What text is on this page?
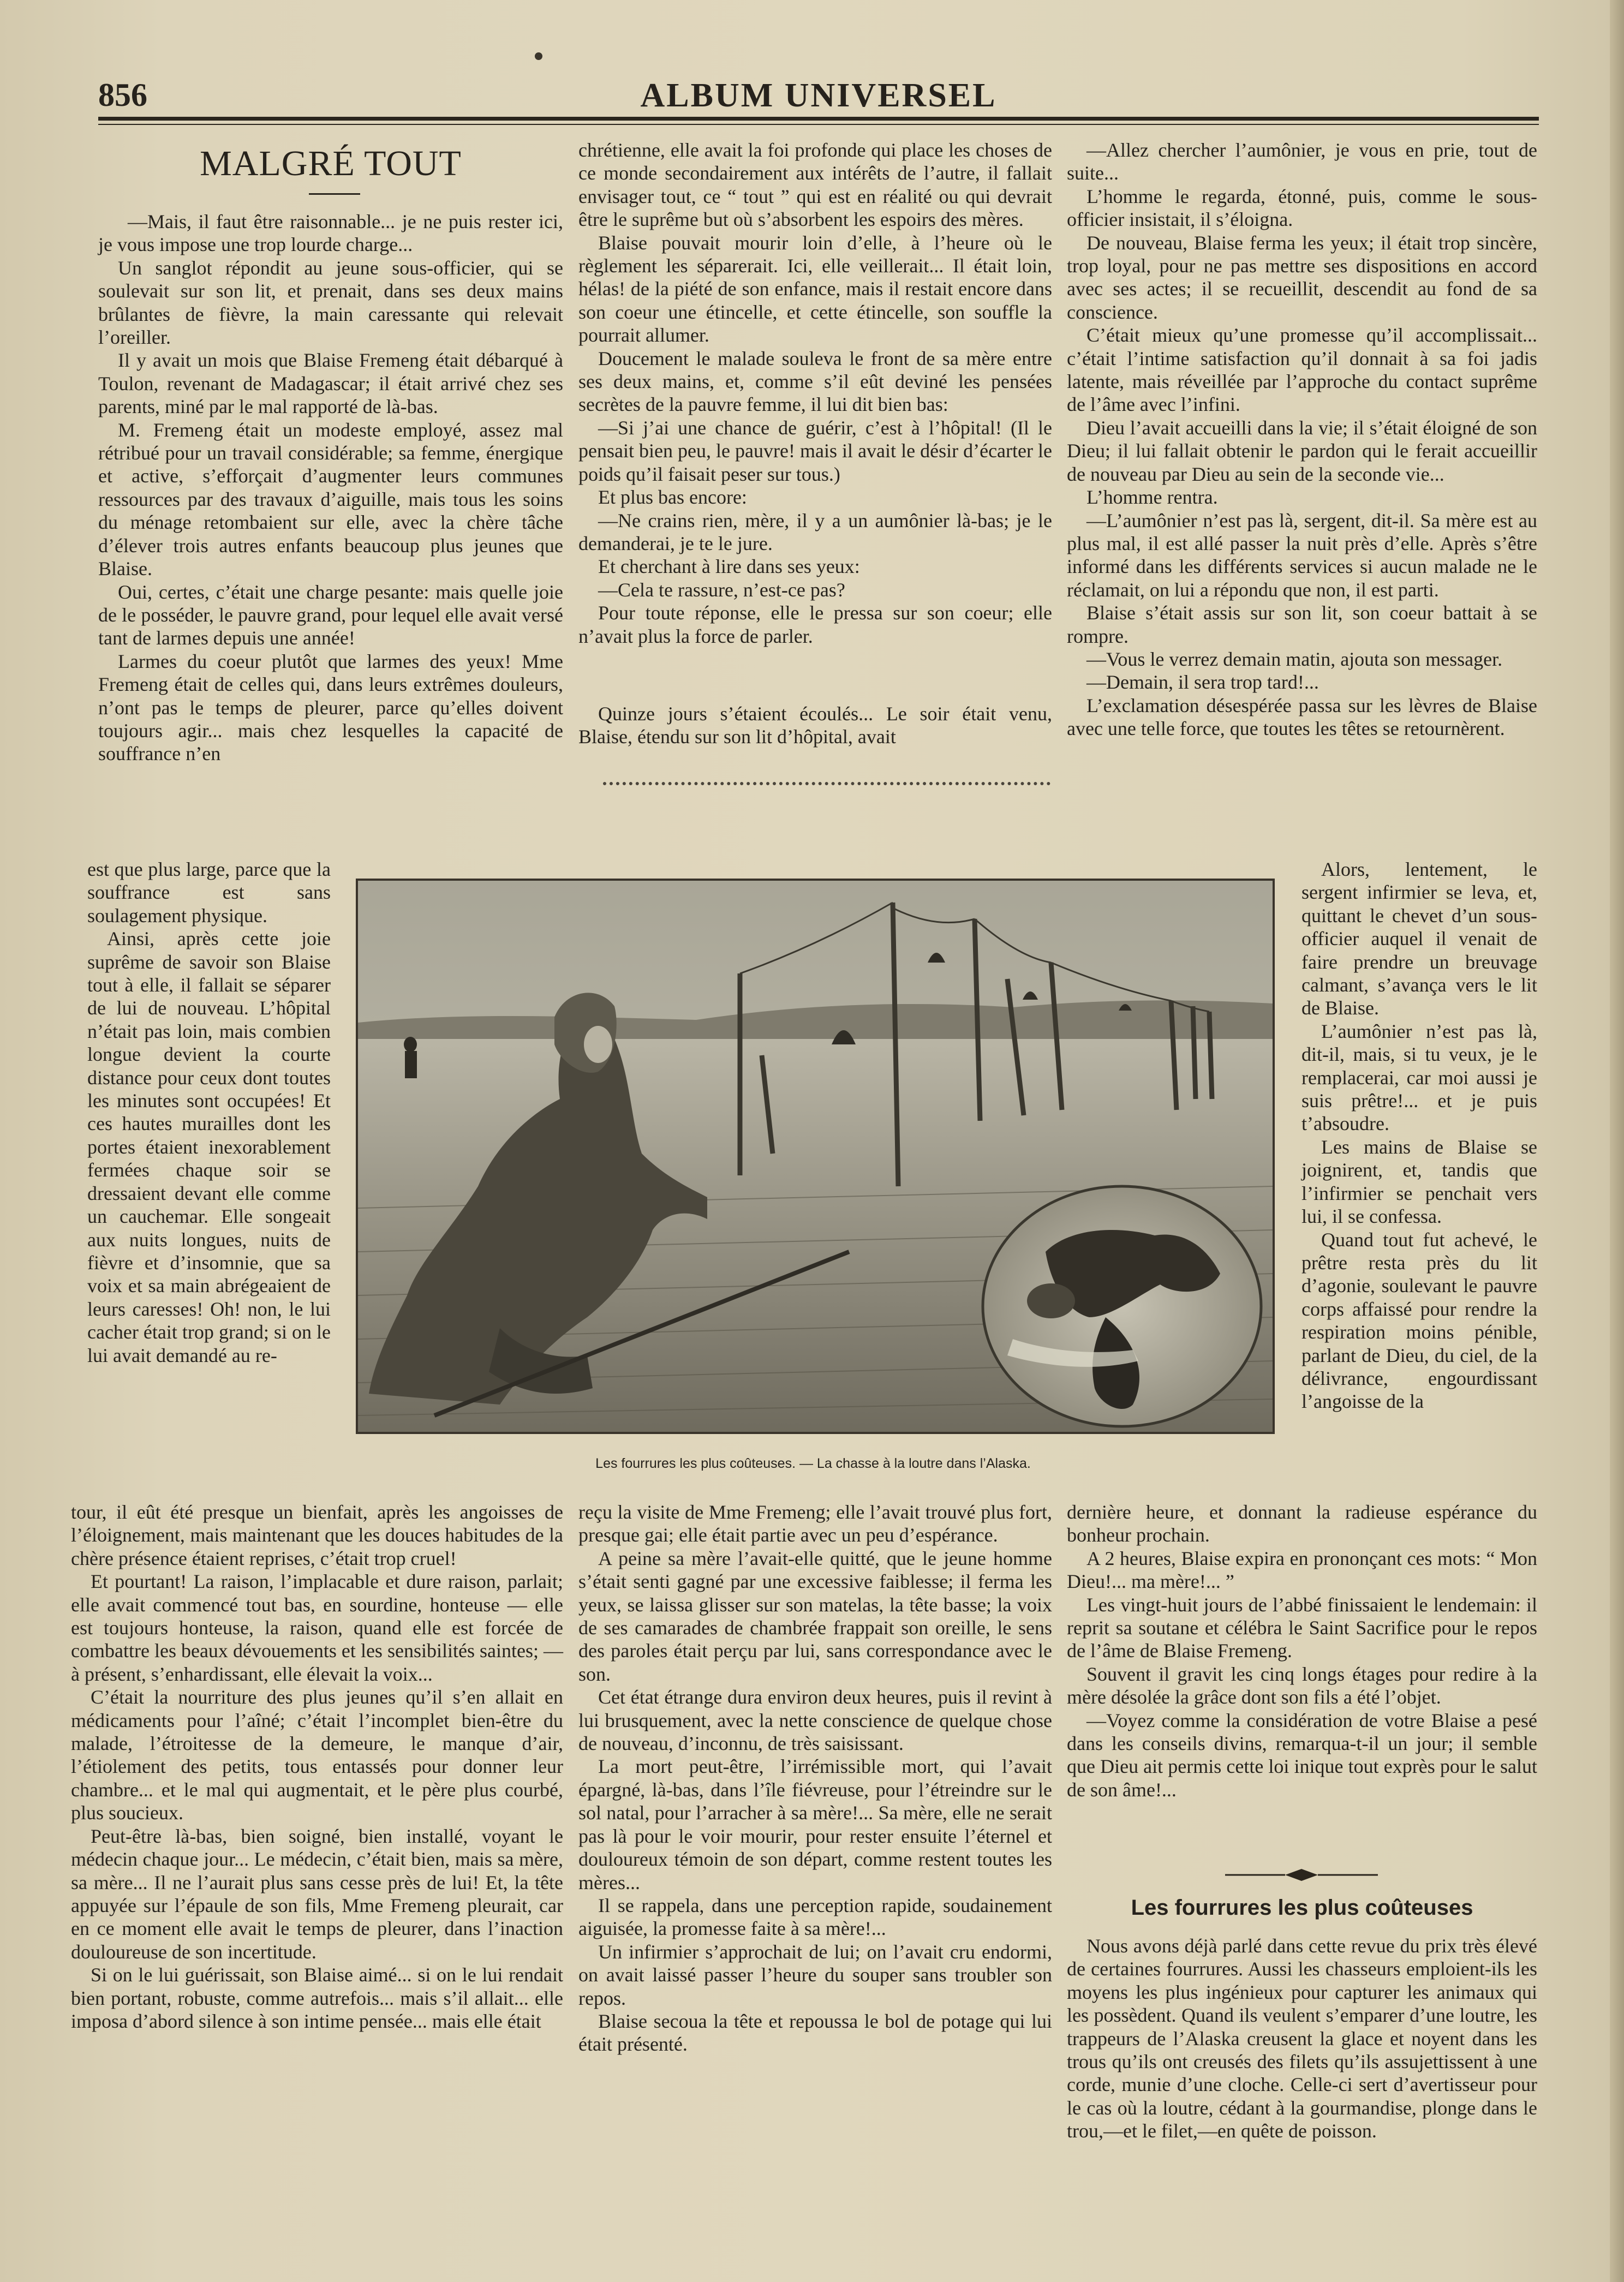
856	ALBUM UNIVERSEL
MALGRÉ TOUT

—Mais, il faut être raisonnable... je ne puis rester ici, je vous impose une trop lourde charge...

Un sanglot répondit au jeune sous-officier, qui se soulevait sur son lit, et prenait, dans ses deux mains brûlantes de fièvre, la main caressante qui relevait l’oreiller.

Il y avait un mois que Blaise Fremeng était débarqué à Toulon, revenant de Madagascar; il était arrivé chez ses parents, miné par le mal rapporté de là-bas.

M. Fremeng était un modeste employé, assez mal rétribué pour un travail considérable; sa femme, énergique et active, s’efforçait d’augmenter leurs communes ressources par des travaux d’aiguille, mais tous les soins du ménage retombaient sur elle, avec la chère tâche d’élever trois autres enfants beaucoup plus jeunes que Blaise.

Oui, certes, c’était une charge pesante: mais quelle joie de le posséder, le pauvre grand, pour lequel elle avait versé tant de larmes depuis une année!

Larmes du coeur plutôt que larmes des yeux! Mme Fremeng était de celles qui, dans leurs extrêmes douleurs, n’ont pas le temps de pleurer, parce qu’elles doivent toujours agir... mais chez lesquelles la capacité de souffrance n’en

est que plus large, parce que la souffrance est sans soulagement physique.

Ainsi, après cette joie suprême de savoir son Blaise tout à elle, il fallait se séparer de lui de nouveau. L’hôpital n’était pas loin, mais combien longue devient la courte distance pour ceux dont toutes les minutes sont occupées! Et ces hautes murailles dont les portes étaient inexorablement fermées chaque soir se dressaient devant elle comme un cauchemar. Elle songeait aux nuits longues, nuits de fièvre et d’insomnie, que sa voix et sa main abrégeaient de leurs caresses! Oh! non, le lui cacher était trop grand; si on le lui avait demandé au re-

tour, il eût été presque un bienfait, après les angoisses de l’éloignement, mais maintenant que les douces habitudes de la chère présence étaient reprises, c’était trop cruel!

Et pourtant! La raison, l’implacable et dure raison, parlait; elle avait commencé tout bas, en sourdine, honteuse — elle est toujours honteuse, la raison, quand elle est forcée de combattre les beaux dévouements et les sensibilités saintes; —à présent, s’enhardissant, elle élevait la voix...

C’était la nourriture des plus jeunes qu’il s’en allait en médicaments pour l’aîné; c’était l’incomplet bien-être du malade, l’étroitesse de la demeure, le manque d’air, l’étiolement des petits, tous entassés pour donner leur chambre... et le mal qui augmentait, et le père plus courbé, plus soucieux.

Peut-être là-bas, bien soigné, bien installé, voyant le médecin chaque jour... Le médecin, c’était bien, mais sa mère, sa mère... Il ne l’aurait plus sans cesse près de lui! Et, la tête appuyée sur l’épaule de son fils, Mme Fremeng pleurait, car en ce moment elle avait le temps de pleurer, dans l’inaction douloureuse de son incertitude.

Si on le lui guérissait, son Blaise aimé... si on le lui rendait bien portant, robuste, comme autrefois... mais s’il allait... elle imposa d’abord silence à son intime pensée... mais elle était

chrétienne, elle avait la foi profonde qui place les choses de ce monde secondairement aux intérêts de l’autre, il fallait envisager tout, ce “ tout ” qui est en réalité ou qui devrait être le suprême but où s’absorbent les espoirs des mères.

Blaise pouvait mourir loin d’elle, à l’heure où le règlement les séparerait. Ici, elle veillerait... Il était loin, hélas! de la piété de son enfance, mais il restait encore dans son coeur une étincelle, et cette étincelle, son souffle la pourrait allumer.

Doucement le malade souleva le front de sa mère entre ses deux mains, et, comme s’il eût deviné les pensées secrètes de la pauvre femme, il lui dit bien bas:

—Si j’ai une chance de guérir, c’est à l’hôpital! (Il le pensait bien peu, le pauvre! mais il avait le désir d’écarter le poids qu’il faisait peser sur tous.)

Et plus bas encore:

—Ne crains rien, mère, il y a un aumônier là-bas; je le demanderai, je te le jure.

Et cherchant à lire dans ses yeux:

—Cela te rassure, n’est-ce pas?

Pour toute réponse, elle le pressa sur son coeur; elle n’avait plus la force de parler.

Quinze jours s’étaient écoulés... Le soir était venu, Blaise, étendu sur son lit d’hôpital, avait

reçu la visite de Mme Fremeng; elle l’avait trouvé plus fort, presque gai; elle était partie avec un peu d’espérance.

A peine sa mère l’avait-elle quitté, que le jeune homme s’était senti gagné par une excessive faiblesse; il ferma les yeux, se laissa glisser sur son matelas, la tête basse; la voix de ses camarades de chambrée frappait son oreille, le sens des paroles était perçu par lui, sans correspondance avec le son.

Cet état étrange dura environ deux heures, puis il revint à lui brusquement, avec la nette conscience de quelque chose de nouveau, d’inconnu, de très saisissant.

La mort peut-être, l’irrémissible mort, qui l’avait épargné, là-bas, dans l’île fiévreuse, pour l’étreindre sur le sol natal, pour l’arracher à sa mère!... Sa mère, elle ne serait pas là pour le voir mourir, pour rester ensuite l’éternel et douloureux témoin de son départ, comme restent toutes les mères...

Il se rappela, dans une perception rapide, soudainement aiguisée, la promesse faite à sa mère!...

Un infirmier s’approchait de lui; on l’avait cru endormi, on avait laissé passer l’heure du souper sans troubler son repos.

Blaise secoua la tête et repoussa le bol de potage qui lui était présenté.

—Allez chercher l’aumônier, je vous en prie, tout de suite...

L’homme le regarda, étonné, puis, comme le sous-officier insistait, il s’éloigna.

De nouveau, Blaise ferma les yeux; il était trop sincère, trop loyal, pour ne pas mettre ses dispositions en accord avec ses actes; il se recueillit, descendit au fond de sa conscience.

C’était mieux qu’une promesse qu’il accomplissait... c’était l’intime satisfaction qu’il donnait à sa foi jadis latente, mais réveillée par l’approche du contact suprême de l’âme avec l’infini.

Dieu l’avait accueilli dans la vie; il s’était éloigné de son Dieu; il lui fallait obtenir le pardon qui le ferait accueillir de nouveau par Dieu au sein de la seconde vie...

L’homme rentra.

—L’aumônier n’est pas là, sergent, dit-il. Sa mère est au plus mal, il est allé passer la nuit près d’elle. Après s’être informé dans les différents services si aucun malade ne le réclamait, on lui a répondu que non, il est parti.

Blaise s’était assis sur son lit, son coeur battait à se rompre.

—Vous le verrez demain matin, ajouta son messager.

—Demain, il sera trop tard!...

L’exclamation désespérée passa sur les lèvres de Blaise avec une telle force, que toutes les têtes se retournèrent.

Alors, lentement, le sergent infirmier se leva, et, quittant le chevet d’un sous-officier auquel il venait de faire prendre un breuvage calmant, s’avança vers le lit de Blaise.

L’aumônier n’est pas là, dit-il, mais, si tu veux, je le remplacerai, car moi aussi je suis prêtre!... et je puis t’absoudre.

Les mains de Blaise se joignirent, et, tandis que l’infirmier se penchait vers lui, il se confessa.

Quand tout fut achevé, le prêtre resta près du lit d’agonie, soulevant le pauvre corps affaissé pour rendre la respiration moins pénible, parlant de Dieu, du ciel, de la délivrance, engourdissant l’angoisse de la

dernière heure, et donnant la radieuse espérance du bonheur prochain.

A 2 heures, Blaise expira en prononçant ces mots: “ Mon Dieu!... ma mère!... ”

Les vingt-huit jours de l’abbé finissaient le lendemain: il reprit sa soutane et célébra le Saint Sacrifice pour le repos de l’âme de Blaise Fremeng.

Souvent il gravit les cinq longs étages pour redire à la mère désolée la grâce dont son fils a été l’objet.

—Voyez comme la considération de votre Blaise a pesé dans les conseils divins, remarqua-t-il un jour; il semble que Dieu ait permis cette loi inique tout exprès pour le salut de son âme!...

Les fourrures les plus coûteuses. — La chasse à la loutre dans l’Alaska.
Les fourrures les plus coûteuses

Nous avons déjà parlé dans cette revue du prix très élevé de certaines fourrures. Aussi les chasseurs emploient-ils les moyens les plus ingénieux pour capturer les animaux qui les possèdent. Quand ils veulent s’emparer d’une loutre, les trappeurs de l’Alaska creusent la glace et noyent dans les trous qu’ils ont creusés des filets qu’ils assujettissent à une corde, munie d’une cloche. Celle-ci sert d’avertisseur pour le cas où la loutre, cédant à la gourmandise, plonge dans le trou,—et le filet,—en quête de poisson.
